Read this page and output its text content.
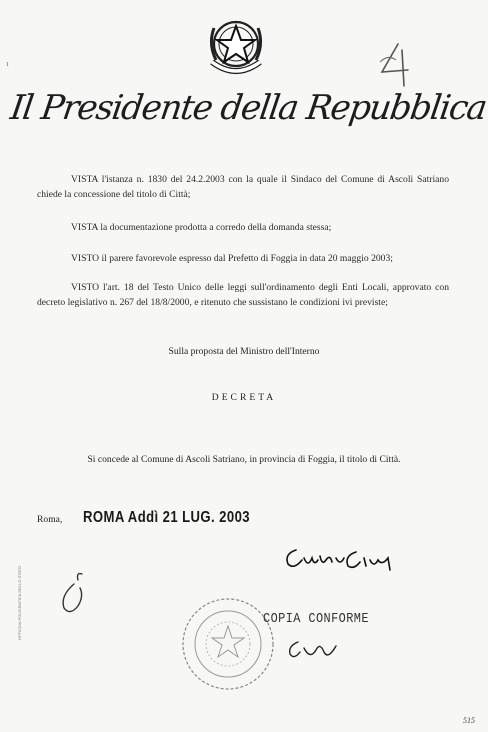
1
Il Presidente della Repubblica

VISTA l'istanza n. 1830 del 24.2.2003 con la quale il Sindaco del Comune di Ascoli Satriano chiede la concessione del titolo di Città;

VISTA la documentazione prodotta a corredo della domanda stessa;

VISTO il parere favorevole espresso dal Prefetto di Foggia in data 20 maggio 2003;

VISTO l'art. 18 del Testo Unico delle leggi sull'ordinamento degli Enti Locali, approvato con decreto legislativo n. 267 del 18/8/2000, e ritenuto che sussistano le condizioni ivi previste;

Sulla proposta del Ministro dell'Interno
DECRETA
Si concede al Comune di Ascoli Satriano, in provincia di Foggia, il titolo di Città.
Roma, ROMA Addì 21 LUG. 2003
COPIA CONFORME
OFFICINA POLIGRAFICA DELLO STATO
515
